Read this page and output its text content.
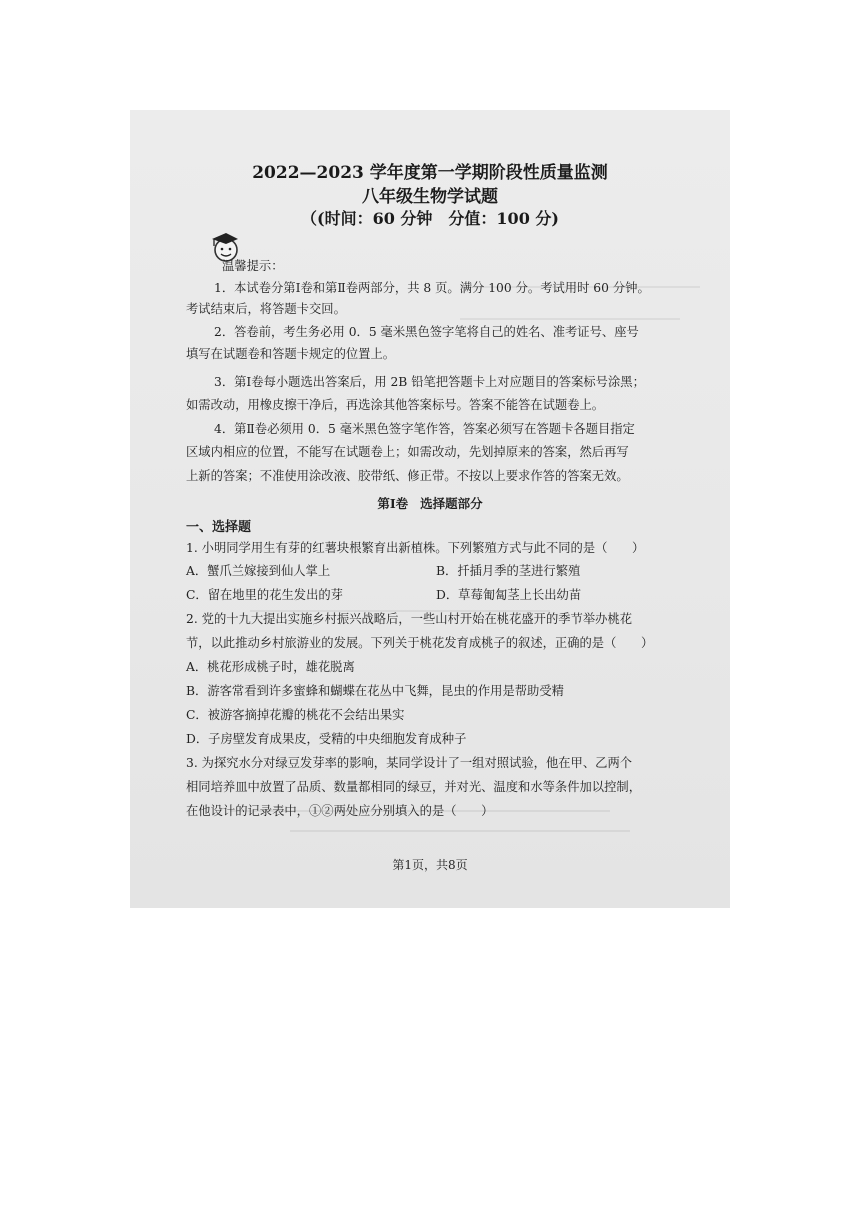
2022—2023 学年度第一学期阶段性质量监测
八年级生物学试题
（(时间：60 分钟　分值：100 分)
温馨提示：
1．本试卷分第Ⅰ卷和第Ⅱ卷两部分，共 8 页。满分 100 分。考试用时 60 分钟。
考试结束后，将答题卡交回。
2．答卷前，考生务必用 0．5 毫米黑色签字笔将自己的姓名、准考证号、座号
填写在试题卷和答题卡规定的位置上。
3．第Ⅰ卷每小题选出答案后，用 2B 铅笔把答题卡上对应题目的答案标号涂黑；
如需改动，用橡皮擦干净后，再选涂其他答案标号。答案不能答在试题卷上。
4．第Ⅱ卷必须用 0．5 毫米黑色签字笔作答，答案必须写在答题卡各题目指定
区域内相应的位置，不能写在试题卷上；如需改动，先划掉原来的答案，然后再写
上新的答案；不准使用涂改液、胶带纸、修正带。不按以上要求作答的答案无效。
第Ⅰ卷 选择题部分
一、选择题
1. 小明同学用生有芽的红薯块根繁育出新植株。下列繁殖方式与此不同的是（　　）
A．蟹爪兰嫁接到仙人掌上	B．扦插月季的茎进行繁殖
C．留在地里的花生发出的芽	D．草莓匍匐茎上长出幼苗
2. 党的十九大提出实施乡村振兴战略后，一些山村开始在桃花盛开的季节举办桃花
节，以此推动乡村旅游业的发展。下列关于桃花发育成桃子的叙述，正确的是（　　）
A．桃花形成桃子时，雄花脱离
B．游客常看到许多蜜蜂和蝴蝶在花丛中飞舞，昆虫的作用是帮助受精
C．被游客摘掉花瓣的桃花不会结出果实
D．子房壁发育成果皮，受精的中央细胞发育成种子
3. 为探究水分对绿豆发芽率的影响，某同学设计了一组对照试验，他在甲、乙两个
相同培养皿中放置了品质、数量都相同的绿豆，并对光、温度和水等条件加以控制，
在他设计的记录表中，①②两处应分别填入的是（　　）
第1页，共8页
